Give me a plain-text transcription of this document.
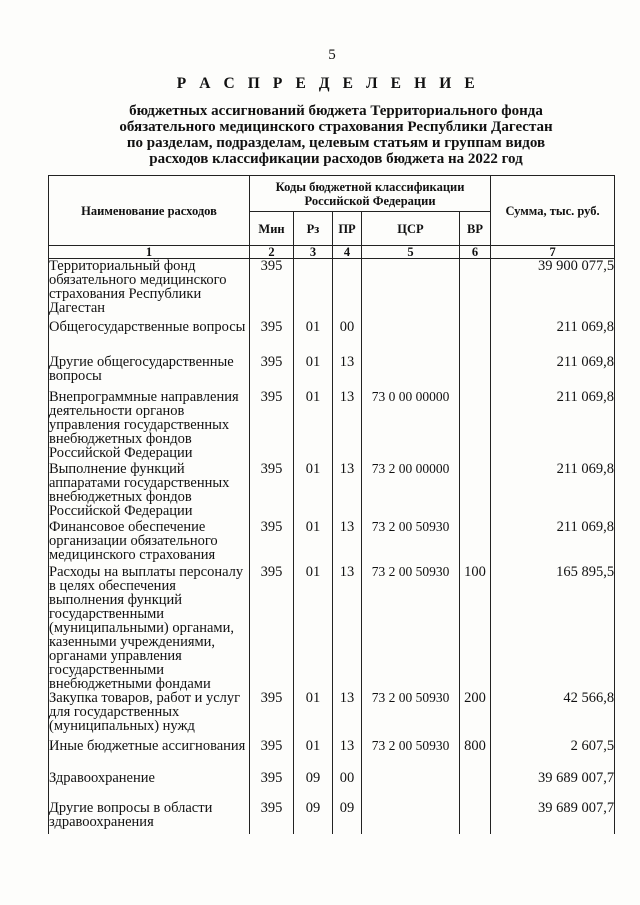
5
Р А С П Р Е Д Е Л Е Н И Е
бюджетных ассигнований бюджета Территориального фонда
обязательного медицинского страхования Республики Дагестан
по разделам, подразделам, целевым статьям и группам видов
расходов классификации расходов бюджета на 2022 год
Наименование расходов	Коды бюджетной классификации Российской Федерации					Сумма, тыс. руб.
	Мин	Рз	ПР	ЦСР	ВР	
1	2	3	4	5	6	7
Территориальный фонд обязательного медицинского страхования Республики Дагестан	395					39 900 077,5
Общегосударственные вопросы	395	01	00			211 069,8
Другие общегосударственные вопросы	395	01	13			211 069,8
Внепрограммные направления деятельности органов управления государственных внебюджетных фондов Российской Федерации	395	01	13	73 0 00 00000		211 069,8
Выполнение функций аппаратами государственных внебюджетных фондов Российской Федерации	395	01	13	73 2 00 00000		211 069,8
Финансовое обеспечение организации обязательного медицинского страхования	395	01	13	73 2 00 50930		211 069,8
Расходы на выплаты персоналу в целях обеспечения выполнения функций государственными (муниципальными) органами, казенными учреждениями, органами управления государственными внебюджетными фондами	395	01	13	73 2 00 50930	100	165 895,5
Закупка товаров, работ и услуг для государственных (муниципальных) нужд	395	01	13	73 2 00 50930	200	42 566,8
Иные бюджетные ассигнования	395	01	13	73 2 00 50930	800	2 607,5
Здравоохранение	395	09	00			39 689 007,7
Другие вопросы в области здравоохранения	395	09	09			39 689 007,7
